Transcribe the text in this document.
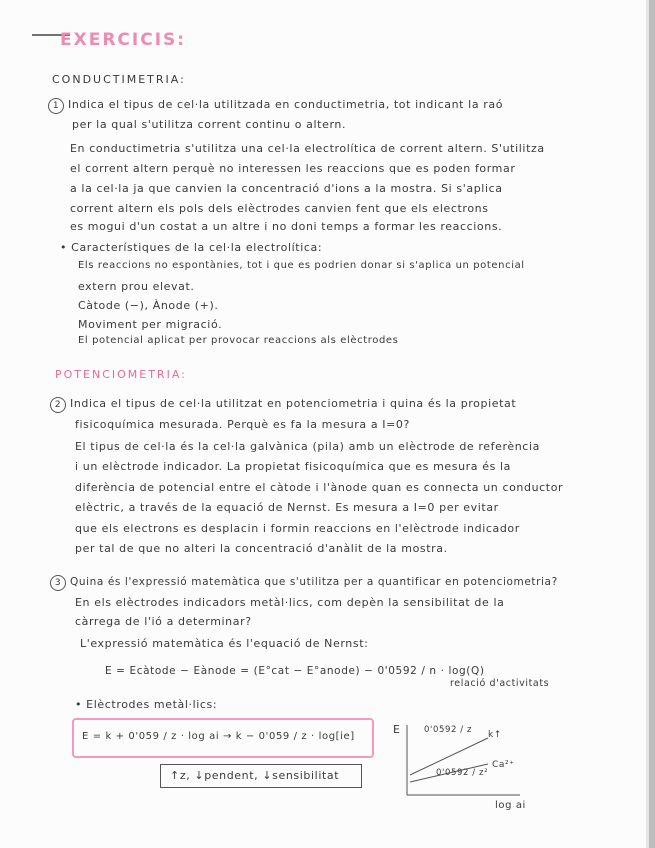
EXERCICIS:
CONDUCTIMETRIA:
1 Indica el tipus de cel·la utilitzada en conductimetria, tot indicant la raó
per la qual s'utilitza corrent continu o altern.
En conductimetria s'utilitza una cel·la electrolítica de corrent altern. S'utilitza
el corrent altern perquè no interessen les reaccions que es poden formar
a la cel·la ja que canvien la concentració d'ions a la mostra. Si s'aplica
corrent altern els pols dels elèctrodes canvien fent que els electrons
es mogui d'un costat a un altre i no doni temps a formar les reaccions.
• Característiques de la cel·la electrolítica:
Els reaccions no espontànies, tot i que es podrien donar si s'aplica un potencial
extern prou elevat.
Càtode (−), Ànode (+).
Moviment per migració.
El potencial aplicat per provocar reaccions als elèctrodes
POTENCIOMETRIA:
2 Indica el tipus de cel·la utilitzat en potenciometria i quina és la propietat
fisicoquímica mesurada. Perquè es fa la mesura a I=0?
El tipus de cel·la és la cel·la galvànica (pila) amb un elèctrode de referència
i un elèctrode indicador. La propietat fisicoquímica que es mesura és la
diferència de potencial entre el càtode i l'ànode quan es connecta un conductor
elèctric, a través de la equació de Nernst. Es mesura a I=0 per evitar
que els electrons es desplacin i formin reaccions en l'elèctrode indicador
per tal de que no alteri la concentració d'anàlit de la mostra.
3 Quina és l'expressió matemàtica que s'utilitza per a quantificar en potenciometria?
En els elèctrodes indicadors metàl·lics, com depèn la sensibilitat de la
càrrega de l'ió a determinar?
L'expressió matemàtica és l'equació de Nernst:
E = Ecàtode − Eànode = (E°cat − E°anode) − 0'0592 / n · log(Q)
relació d'activitats
• Elèctrodes metàl·lics:
E = k + 0'059 / z · log ai → k − 0'059 / z · log[ie]
↑z, ↓pendent, ↓sensibilitat
E
log ai
0'0592 / z k↑
0'0592 / z²
Ca²⁺
